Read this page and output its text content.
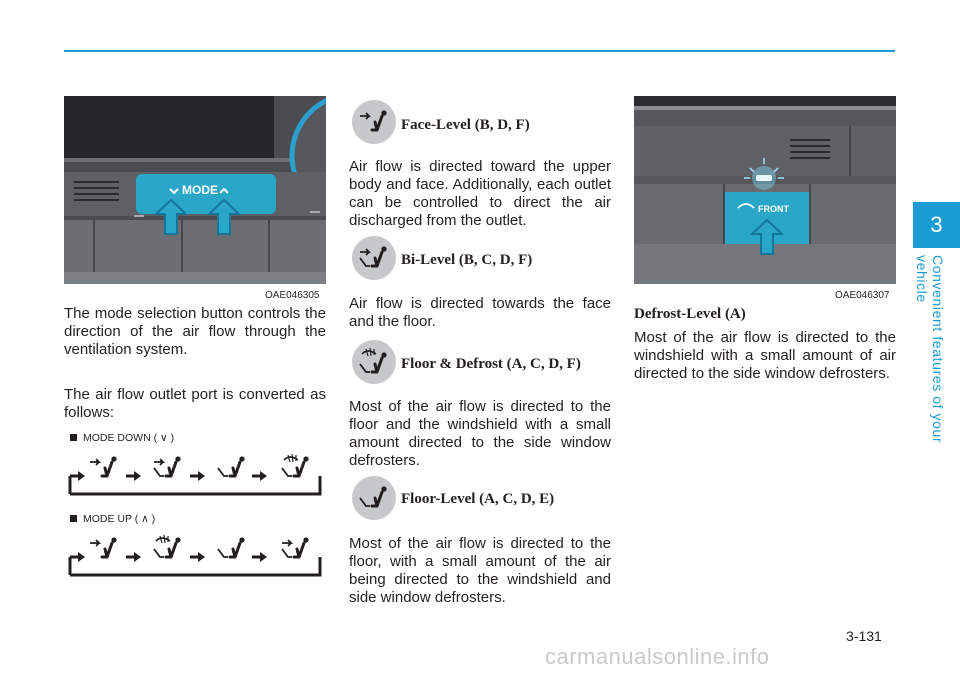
MODE
OAE046305

The mode selection button controls the direction of the air flow through the ventilation system.

The air flow outlet port is converted as follows:

MODE DOWN ( ∨ )
MODE UP ( ∧ )
Face-Level (B, D, F)

Air flow is directed toward the upper body and face. Additionally, each outlet can be controlled to direct the air discharged from the outlet.

Bi-Level (B, C, D, F)

Air flow is directed towards the face and the floor.

Floor & Defrost (A, C, D, F)

Most of the air flow is directed to the floor and the windshield with a small amount directed to the side window defrosters.

Floor-Level (A, C, D, E)

Most of the air flow is directed to the floor, with a small amount of the air being directed to the windshield and side window defrosters.

FRONT
OAE046307
Defrost-Level (A)

Most of the air flow is directed to the windshield with a small amount of air directed to the side window defrosters.

3
Convenient features of your vehicle
3-131
carmanualsonline.info
